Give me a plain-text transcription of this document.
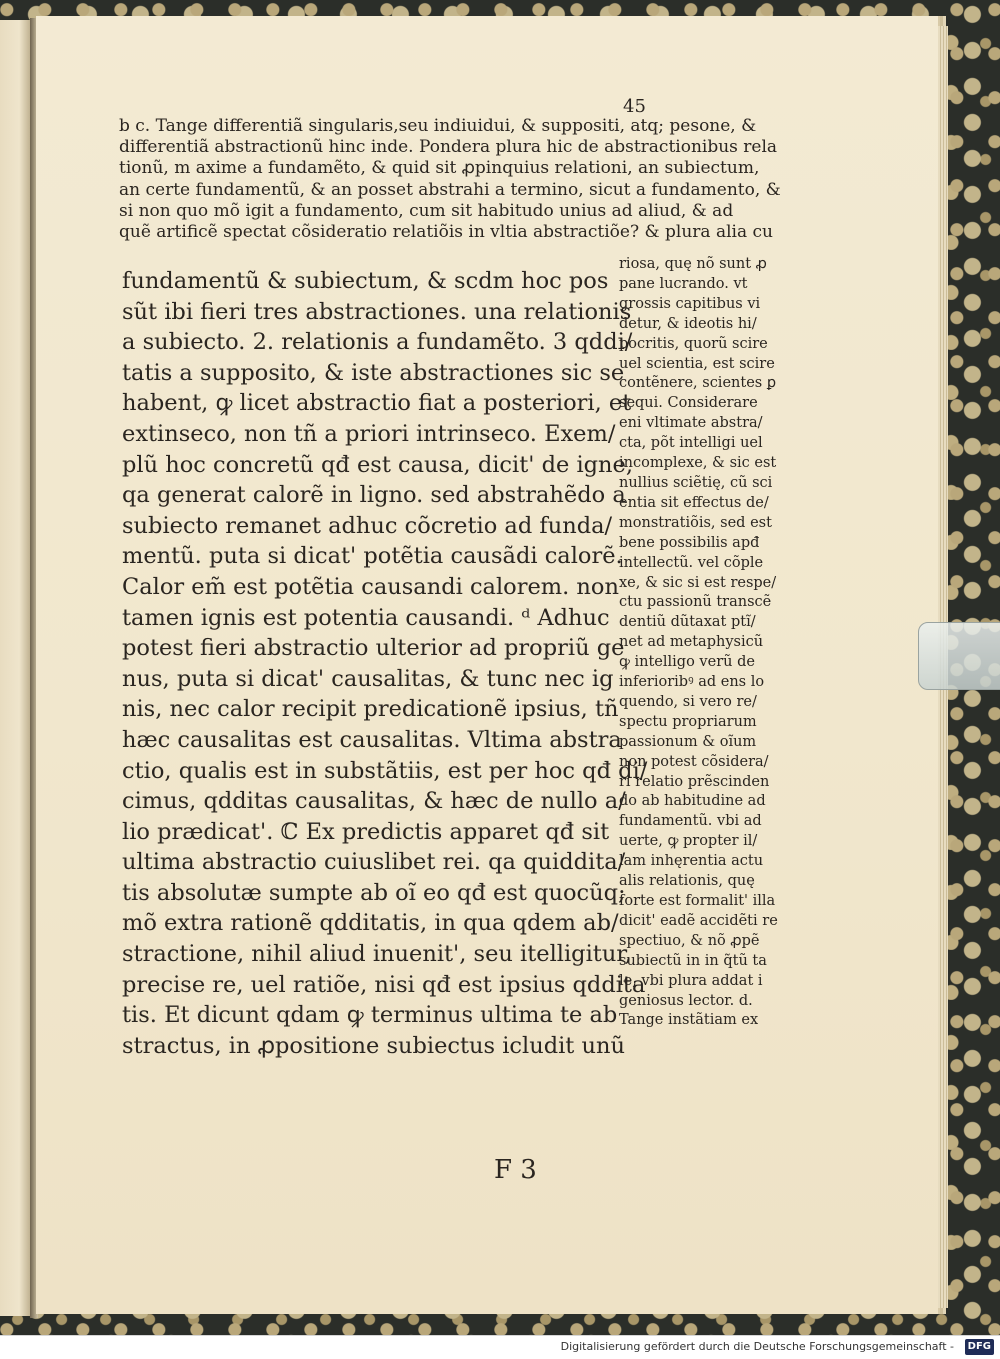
45
b c. Tange differentiã singularis,seu indiuidui, & suppositi, atq; pesone, &
differentiã abstractionũ hinc inde. Pondera plura hic de abstractionibus rela
tionũ, m axime a fundamẽto, & quid sit ꝓpinquius relationi, an subiectum,
an certe fundamentũ, & an posset abstrahi a termino, sicut a fundamento, &
si non quo mõ igit a fundamento, cum sit habitudo unius ad aliud, & ad
quẽ artificẽ spectat cõsideratio relatiõis in vltia abstractiõe? & plura alia cu
fundamentũ & subiectum, & scdm hoc pos
sũt ibi fieri tres abstractiones. una relationis
a subiecto. 2. relationis a fundamẽto. 3 qddi/
tatis a supposito, & iste abstractiones sic se
habent, ꝙ licet abstractio fiat a posteriori, et
extinseco, non tñ a priori intrinseco. Exem/
plũ hoc concretũ qđ est causa, dicit' de igne,
qa generat calorẽ in ligno. sed abstrahẽdo a
subiecto remanet adhuc cõcretio ad funda/
mentũ. puta si dicat' potẽtia causãdi calorẽ.
Calor em̃ est potẽtia causandi calorem. non
tamen ignis est potentia causandi. ᵈ Adhuc
potest fieri abstractio ulterior ad propriũ ge
nus, puta si dicat' causalitas, & tunc nec ig
nis, nec calor recipit predicationẽ ipsius, tñ
hæc causalitas est causalitas. Vltima abstra
ctio, qualis est in substãtiis, est per hoc qđ di/
cimus, qdditas causalitas, & hæc de nullo a/
lio prædicat'. ℂ Ex predictis apparet qđ sit
ultima abstractio cuiuslibet rei. qa quiddita/
tis absolutæ sumpte ab oĩ eo qđ est quocũq;
mõ extra rationẽ qdditatis, in qua qdem ab/
stractione, nihil aliud inuenit', seu itelligitur,
precise re, uel ratiõe, nisi qđ est ipsius qddita
tis. Et dicunt qdam ꝙ terminus ultima te ab
stractus, in ꝓpositione subiectus icludit unũ
riosa, quę nõ sunt ꝓ
pane lucrando. vt
grossis capitibus vi
detur, & ideotis hi/
pocritis, quorũ scire
uel scientia, est scire
contẽnere, scientes ꝑ
sequi. Considerare
eni vltimate abstra/
cta, põt intelligi uel
incomplexe, & sic est
nullius sciẽtię, cũ sci
entia sit effectus de/
monstratiõis, sed est
bene possibilis apđ
intellectũ. vel cõple
xe, & sic si est respe/
ctu passionũ transcẽ
dentiũ dũtaxat ptĩ/
net ad metaphysicũ
ꝙ intelligo verũ de
inferioribꝰ ad ens lo
quendo, si vero re/
spectu propriarum
passionum & oĩum
non potest cõsidera/
ri relatio prẽscinden
do ab habitudine ad
fundamentũ. vbi ad
uerte, ꝙ propter il/
lam inhęrentia actu
alis relationis, quę
forte est formalit' illa
dicit' eadẽ accidẽti re
spectiuo, & nõ ꝓpẽ
subiectũ in in q̃tũ ta
le, vbi plura addat i
geniosus lector. d.
Tange instãtiam ex
F 3
Digitalisierung gefördert durch die Deutsche Forschungsgemeinschaft -	DFG
